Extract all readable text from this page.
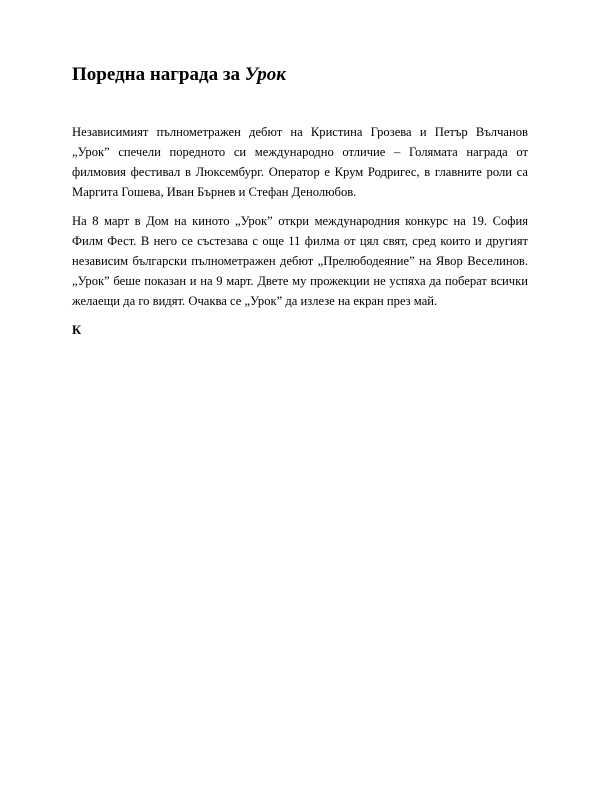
Поредна награда за Урок

Независимият пълнометражен дебют на Кристина Грозева и Петър Вълчанов „Урок” спечели поредното си международно отличие – Голямата награда от филмовия фестивал в Люксембург. Оператор е Крум Родригес, в главните роли са Маргита Гошева, Иван Бърнев и Стефан Денолюбов.

На 8 март в Дом на киното „Урок” откри международния конкурс на 19. София Филм Фест. В него се състезава с още 11 филма от цял свят, сред които и другият независим български пълнометражен дебют „Прелюбодеяние” на Явор Веселинов. „Урок” беше показан и на 9 март. Двете му прожекции не успяха да поберат всички желаещи да го видят. Очаква се „Урок” да излезе на екран през май.

К
